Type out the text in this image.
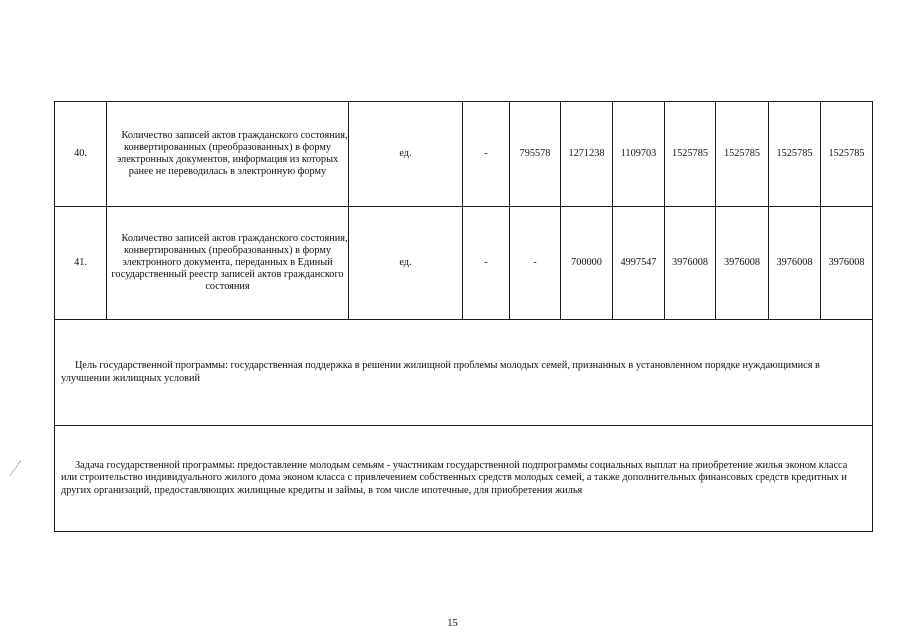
40.	Количество записей актов гражданского состояния, конвертированных (преобразованных) в форму электронных документов, информация из которых ранее не переводилась в электронную форму	ед.	-	795578	1271238	1109703	1525785	1525785	1525785	1525785
41.	Количество записей актов гражданского состояния, конвертированных (преобразованных) в форму электронного документа, переданных в Единый государственный реестр записей актов гражданского состояния	ед.	-	-	700000	4997547	3976008	3976008	3976008	3976008

Цель государственной программы: государственная поддержка в решении жилищной проблемы молодых семей, признанных в установленном порядке нуждающимися в улучшении жилищных условий										

Задача государственной программы: предоставление молодым семьям - участникам государственной подпрограммы социальных выплат на приобретение жилья эконом класса или строительство индивидуального жилого дома эконом класса с привлечением собственных средств молодых семей, а также дополнительных финансовых средств кредитных и других организаций, предоставляющих жилищные кредиты и займы, в том числе ипотечные, для приобретения жилья										
15
